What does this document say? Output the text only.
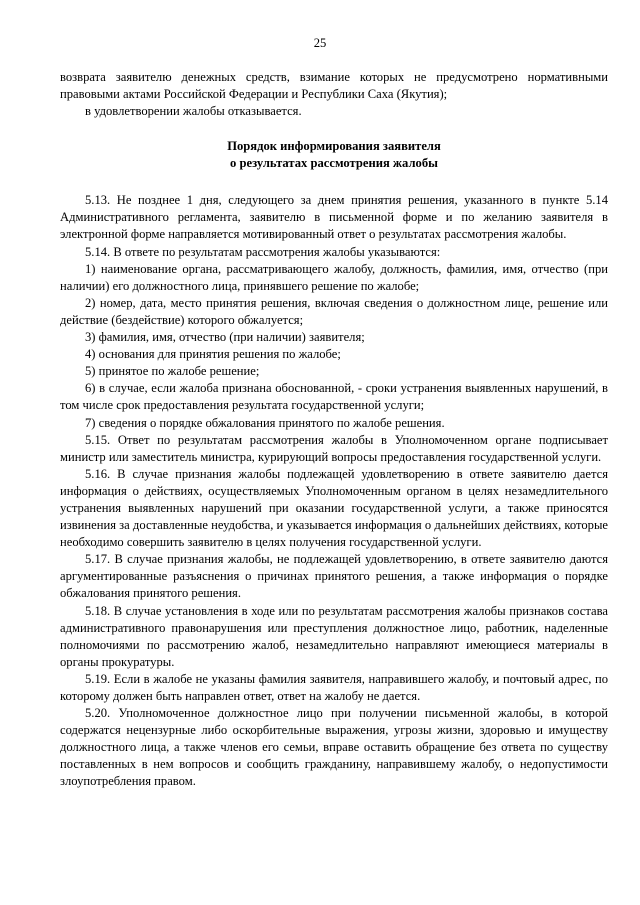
25

возврата заявителю денежных средств, взимание которых не предусмотрено нормативными правовыми актами Российской Федерации и Республики Саха (Якутия);

в удовлетворении жалобы отказывается.

Порядок информирования заявителя
о результатах рассмотрения жалобы

5.13. Не позднее 1 дня, следующего за днем принятия решения, указанного в пункте 5.14 Административного регламента, заявителю в письменной форме и по желанию заявителя в электронной форме направляется мотивированный ответ о результатах рассмотрения жалобы.

5.14. В ответе по результатам рассмотрения жалобы указываются:

1) наименование органа, рассматривающего жалобу, должность, фамилия, имя, отчество (при наличии) его должностного лица, принявшего решение по жалобе;

2) номер, дата, место принятия решения, включая сведения о должностном лице, решение или действие (бездействие) которого обжалуется;

3) фамилия, имя, отчество (при наличии) заявителя;

4) основания для принятия решения по жалобе;

5) принятое по жалобе решение;

6) в случае, если жалоба признана обоснованной, - сроки устранения выявленных нарушений, в том числе срок предоставления результата государственной услуги;

7) сведения о порядке обжалования принятого по жалобе решения.

5.15. Ответ по результатам рассмотрения жалобы в Уполномоченном органе подписывает министр или заместитель министра, курирующий вопросы предоставления государственной услуги.

5.16. В случае признания жалобы подлежащей удовлетворению в ответе заявителю дается информация о действиях, осуществляемых Уполномоченным органом в целях незамедлительного устранения выявленных нарушений при оказании государственной услуги, а также приносятся извинения за доставленные неудобства, и указывается информация о дальнейших действиях, которые необходимо совершить заявителю в целях получения государственной услуги.

5.17. В случае признания жалобы, не подлежащей удовлетворению, в ответе заявителю даются аргументированные разъяснения о причинах принятого решения, а также информация о порядке обжалования принятого решения.

5.18. В случае установления в ходе или по результатам рассмотрения жалобы признаков состава административного правонарушения или преступления должностное лицо, работник, наделенные полномочиями по рассмотрению жалоб, незамедлительно направляют имеющиеся материалы в органы прокуратуры.

5.19. Если в жалобе не указаны фамилия заявителя, направившего жалобу, и почтовый адрес, по которому должен быть направлен ответ, ответ на жалобу не дается.

5.20. Уполномоченное должностное лицо при получении письменной жалобы, в которой содержатся нецензурные либо оскорбительные выражения, угрозы жизни, здоровью и имуществу должностного лица, а также членов его семьи, вправе оставить обращение без ответа по существу поставленных в нем вопросов и сообщить гражданину, направившему жалобу, о недопустимости злоупотребления правом.
